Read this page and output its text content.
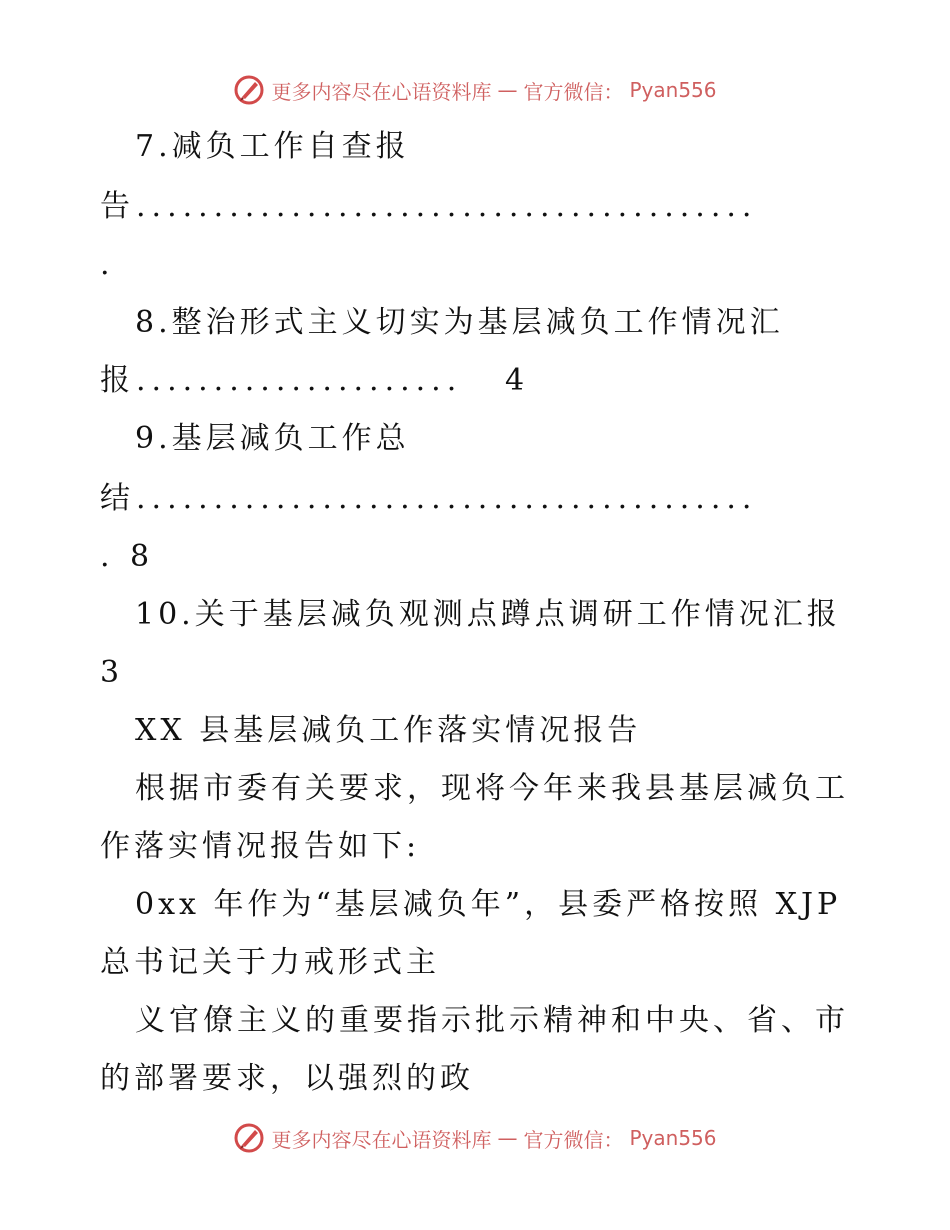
更多内容尽在心语资料库 — 官方微信： Pyan556

7.减负工作自查报

告........................................

.

8.整治形式主义切实为基层减负工作情况汇

报..................... 4

9.基层减负工作总

结........................................

. 8

10.关于基层减负观测点蹲点调研工作情况汇报

3

XX 县基层减负工作落实情况报告

根据市委有关要求，现将今年来我县基层减负工

作落实情况报告如下:

0xx 年作为“基层减负年”，县委严格按照 XJP

总书记关于力戒形式主

义官僚主义的重要指示批示精神和中央、省、市

的部署要求，以强烈的政

更多内容尽在心语资料库 — 官方微信： Pyan556
